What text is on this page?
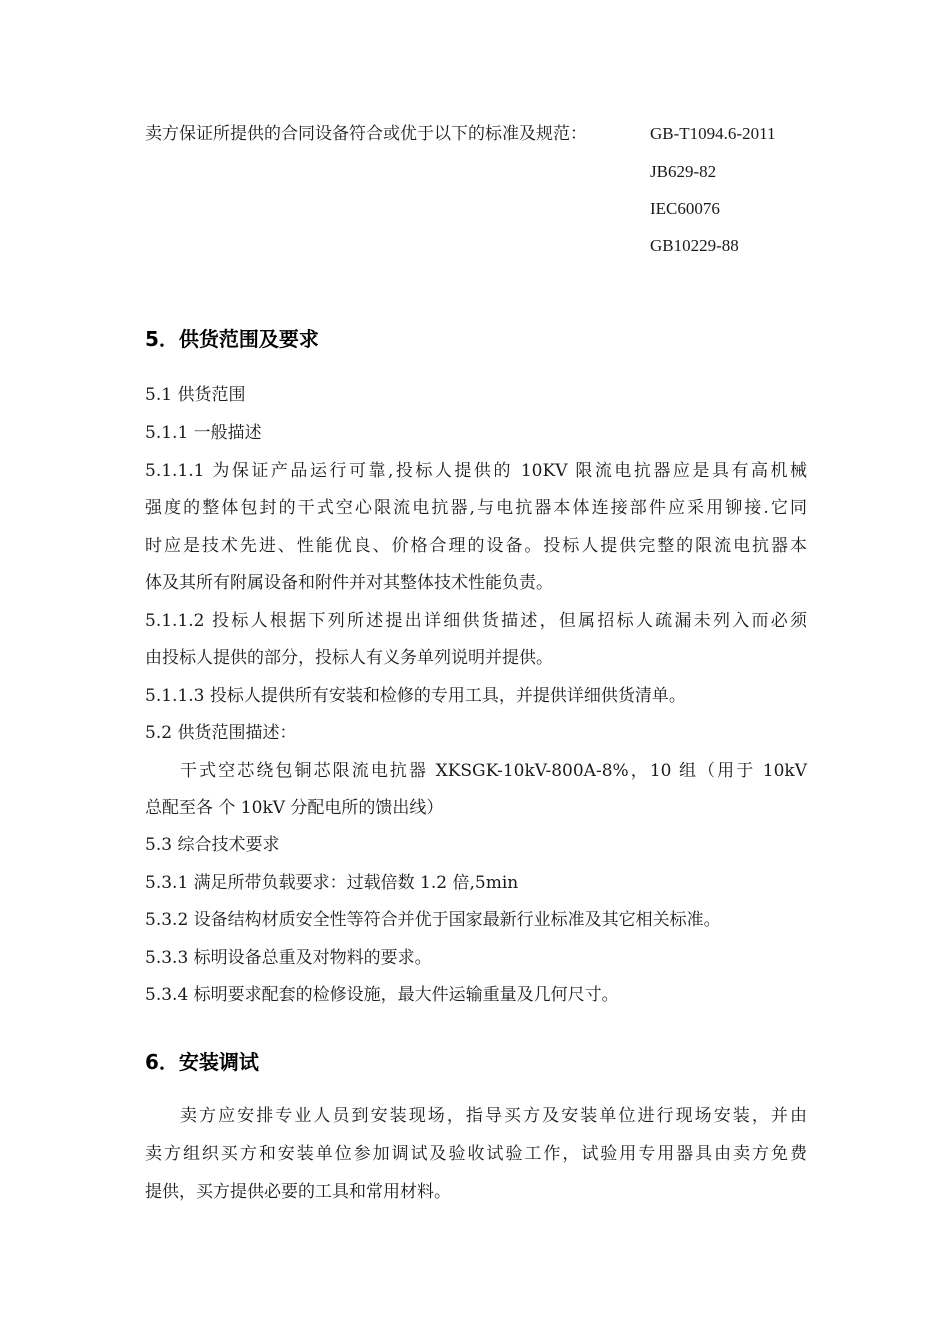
卖方保证所提供的合同设备符合或优于以下的标准及规范：	GB-T1094.6-2011
JB629-82
IEC60076
GB10229-88
5．供货范围及要求
5.1 供货范围
5.1.1 一般描述
5.1.1.1 为保证产品运行可靠,投标人提供的 10KV 限流电抗器应是具有高机械
强度的整体包封的干式空心限流电抗器,与电抗器本体连接部件应采用铆接.它同
时应是技术先进、性能优良、价格合理的设备。投标人提供完整的限流电抗器本
体及其所有附属设备和附件并对其整体技术性能负责。
5.1.1.2 投标人根据下列所述提出详细供货描述，但属招标人疏漏未列入而必须
由投标人提供的部分，投标人有义务单列说明并提供。
5.1.1.3 投标人提供所有安装和检修的专用工具，并提供详细供货清单。
5.2 供货范围描述：
干式空芯绕包铜芯限流电抗器 XKSGK-10kV-800A-8%，10 组（用于 10kV
总配至各 个 10kV 分配电所的馈出线）
5.3 综合技术要求
5.3.1 满足所带负载要求：过载倍数 1.2 倍,5min
5.3.2 设备结构材质安全性等符合并优于国家最新行业标准及其它相关标准。
5.3.3 标明设备总重及对物料的要求。
5.3.4 标明要求配套的检修设施，最大件运输重量及几何尺寸。
6．安装调试
卖方应安排专业人员到安装现场，指导买方及安装单位进行现场安装，并由
卖方组织买方和安装单位参加调试及验收试验工作，试验用专用器具由卖方免费
提供，买方提供必要的工具和常用材料。
